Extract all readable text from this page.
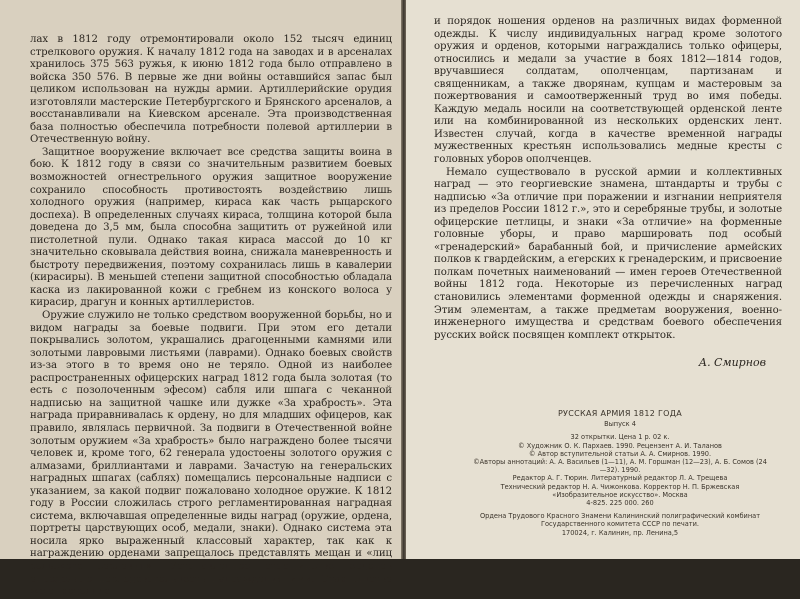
лах в 1812 году отремонтировали около 152 тысяч единиц стрелкового оружия. К началу 1812 года на заводах и в арсеналах хранилось 375 563 ружья, к июню 1812 года было отправлено в войска 350 576. В первые же дни войны оставшийся запас был целиком использован на нужды армии. Артиллерийские орудия изготовляли мастерские Петербургского и Брянского арсеналов, а восстанавливали на Киевском арсенале. Эта производственная база полностью обеспечила потребности полевой артиллерии в Отечественную войну.

Защитное вооружение включает все средства защиты воина в бою. К 1812 году в связи со значительным развитием боевых возможностей огнестрельного оружия защитное вооружение сохранило способность противостоять воздействию лишь холодного оружия (например, кираса как часть рыцарского доспеха). В определенных случаях кираса, толщина которой была доведена до 3,5 мм, была способна защитить от ружейной или пистолетной пули. Однако такая кираса массой до 10 кг значительно сковывала действия воина, снижала маневренность и быстроту передвижения, поэтому сохранилась лишь в кавалерии (кирасиры). В меньшей степени защитной способностью обладала каска из лакированной кожи с гребнем из конского волоса у кирасир, драгун и конных артиллеристов.

Оружие служило не только средством вооруженной борьбы, но и видом награды за боевые подвиги. При этом его детали покрывались золотом, украшались драгоценными камнями или золотыми лавровыми листьями (лаврами). Однако боевых свойств из-за этого в то время оно не теряло. Одной из наиболее распространенных офицерских наград 1812 года была золотая (то есть с позолоченным эфесом) сабля или шпага с чеканной надписью на защитной чашке или дужке «За храбрость». Эта награда приравнивалась к ордену, но для младших офицеров, как правило, являлась первичной. За подвиги в Отечественной войне золотым оружием «За храбрость» было награждено более тысячи человек и, кроме того, 62 генерала удостоены золотого оружия с алмазами, бриллиантами и лаврами. Зачастую на генеральских наградных шпагах (саблях) помещались персональные надписи с указанием, за какой подвиг пожаловано холодное оружие. К 1812 году в России сложилась строго регламентированная наградная система, включавшая определенные виды наград (оружие, ордена, портреты царствующих особ, медали, знаки). Однако система эта носила ярко выраженный классовый характер, так как к награждению орденами запрещалось представлять мещан и «лиц сельского сословия». Установленное старшинство орденов определяло последовательность награждения ими. Старшинство же определяло

и порядок ношения орденов на различных видах форменной одежды. К числу индивидуальных наград кроме золотого оружия и орденов, которыми награждались только офицеры, относились и медали за участие в боях 1812—1814 годов, вручавшиеся солдатам, ополченцам, партизанам и священникам, а также дворянам, купцам и мастеровым за пожертвования и самоотверженный труд во имя победы. Каждую медаль носили на соответствующей орденской ленте или на комбинированной из нескольких орденских лент. Известен случай, когда в качестве временной награды мужественных крестьян использовались медные кресты с головных уборов ополченцев.

Немало существовало в русской армии и коллективных наград — это георгиевские знамена, штандарты и трубы с надписью «За отличие при поражении и изгнании неприятеля из пределов России 1812 г.», это и серебряные трубы, и золотые офицерские петлицы, и знаки «За отличие» на форменные головные уборы, и право маршировать под особый «гренадерский» барабанный бой, и причисление армейских полков к гвардейским, а егерских к гренадерским, и присвоение полкам почетных наименований — имен героев Отечественной войны 1812 года. Некоторые из перечисленных наград становились элементами форменной одежды и снаряжения. Этим элементам, а также предметам вооружения, военно-инженерного имущества и средствам боевого обеспечения русских войск посвящен комплект открыток.

А. Смирнов
РУССКАЯ АРМИЯ 1812 ГОДА
Выпуск 4
32 открытки. Цена 1 р. 02 к.
© Художник О. К. Пархаев. 1990. Рецензент А. И. Таланов
© Автор вступительной статьи А. А. Смирнов. 1990.
©Авторы аннотаций: А. А. Васильев (1—11), А. М. Горшман (12—23), А. Б. Сомов (24—32). 1990.
Редактор А. Г. Тюрин. Литературный редактор Л. А. Трещева
Технический редактор Н. А. Чижонкова. Корректор Н. П. Бржевская
«Изобразительное искусство». Москва
4-825. 225 000. 260
Ордена Трудового Красного Знамени Калининский полиграфический комбинат
Государственного комитета СССР по печати.
170024, г. Калинин, пр. Ленина,5
